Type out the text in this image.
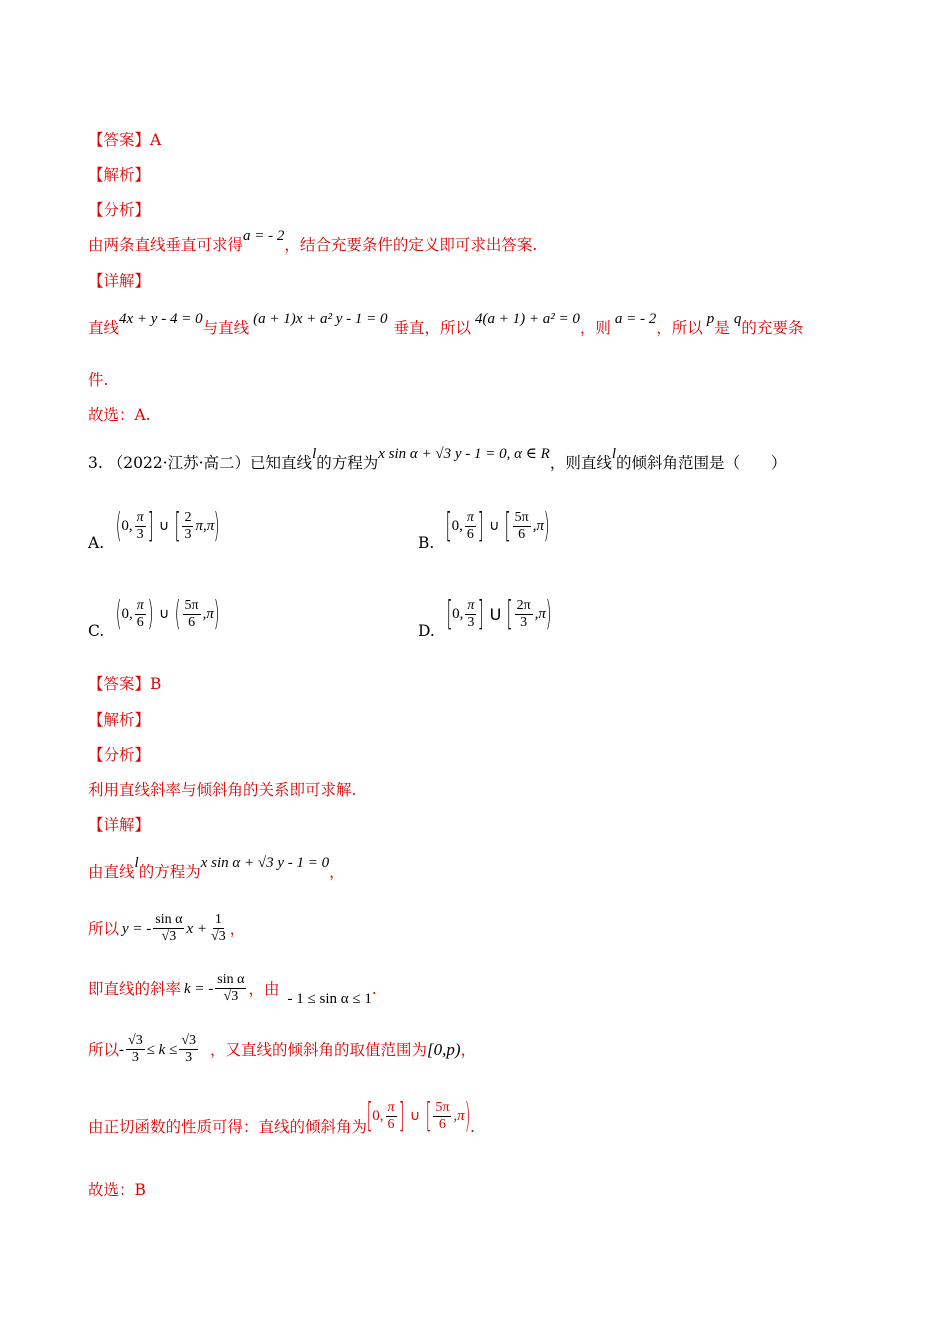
【答案】A
【解析】
【分析】
由两条直线垂直可求得a = - 2，结合充要条件的定义即可求出答案.
【详解】
直线4x + y - 4 = 0与直线 (a + 1)x + a² y - 1 = 0 垂直，所以 4(a + 1) + a² = 0，则 a = - 2，所以 p是 q的充要条
件.
故选：A.
3. （2022·江苏·高二）已知直线l的方程为x sin α + √3 y - 1 = 0, α ∈ R，则直线l的倾斜角范围是（　　）
A. ( 0, $\frac{\pi}{3}$ ] ∪ [ $\frac{2}{3} \pi,\pi$ )	B. [ 0, $\frac{\pi}{6}$ ] ∪ [ $\frac{5\pi}{6} ,\pi$ )
C. ( 0, $\frac{\pi}{6}$ ) ∪ ( $\frac{5\pi}{6} ,\pi$ )	D. [ 0, $\frac{\pi}{3}$ ] U [ $\frac{2\pi}{3} ,\pi$ )
【答案】B
【解析】
【分析】
利用直线斜率与倾斜角的关系即可求解.
【详解】
由直线l的方程为x sin α + √3 y - 1 = 0，
所以 y = - $\frac{\text{sin α}}{√3}$ $x + \frac{1}{√3}$ ，
即直线的斜率 k = - $\frac{\text{sin α}}{√3}$ ，由
- 1 ≤ sin α ≤ 1
.
所以 - $\frac{√3}{3} \le k \le \frac{√3}{3}$ ，又直线的倾斜角的取值范围为 [0,p) ，
由正切函数的性质可得：直线的倾斜角为 [ 0, $\frac{\pi}{6}$ ] ∪ [ $\frac{5\pi}{6} ,\pi$ ) .
故选：B
